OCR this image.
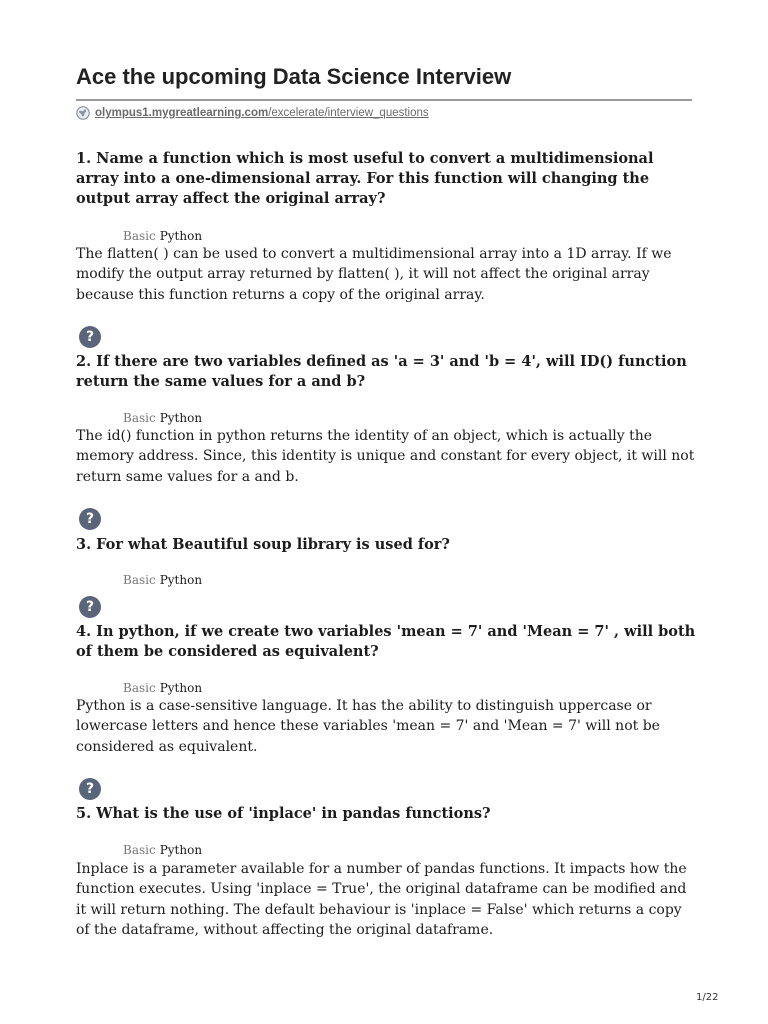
Ace the upcoming Data Science Interview
olympus1.mygreatlearning.com /excelerate/interview_questions
1. Name a function which is most useful to convert a multidimensional array into a one-dimensional array. For this function will changing the output array affect the original array?
Basic Python

The flatten( ) can be used to convert a multidimensional array into a 1D array. If we modify the output array returned by flatten( ), it will not affect the original array because this function returns a copy of the original array.

?
2. If there are two variables defined as 'a = 3' and 'b = 4', will ID() function return the same values for a and b?
Basic Python

The id() function in python returns the identity of an object, which is actually the memory address. Since, this identity is unique and constant for every object, it will not return same values for a and b.

?
3. For what Beautiful soup library is used for?
Basic Python
?
4. In python, if we create two variables 'mean = 7' and 'Mean = 7' , will both of them be considered as equivalent?
Basic Python

Python is a case-sensitive language. It has the ability to distinguish uppercase or lowercase letters and hence these variables 'mean = 7' and 'Mean = 7' will not be considered as equivalent.

?
5. What is the use of 'inplace' in pandas functions?
Basic Python

Inplace is a parameter available for a number of pandas functions. It impacts how the function executes. Using 'inplace = True', the original dataframe can be modified and it will return nothing. The default behaviour is 'inplace = False' which returns a copy of the dataframe, without affecting the original dataframe.

1/22
